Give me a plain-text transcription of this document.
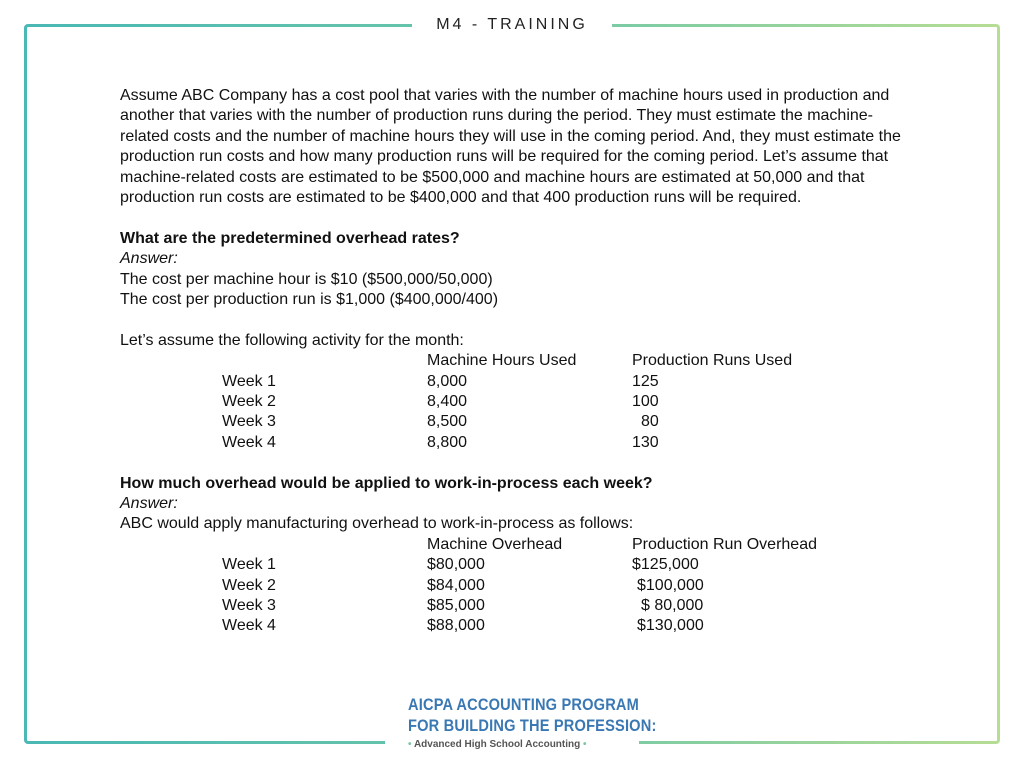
M4 - TRAINING

Assume ABC Company has a cost pool that varies with the number of machine hours used in production and another that varies with the number of production runs during the period. They must estimate the machine-related costs and the number of machine hours they will use in the coming period. And, they must estimate the production run costs and how many production runs will be required for the coming period. Let’s assume that machine-related costs are estimated to be $500,000 and machine hours are estimated at 50,000 and that production run costs are estimated to be $400,000 and that 400 production runs will be required.

What are the predetermined overhead rates?

Answer:

The cost per machine hour is $10 ($500,000/50,000)

The cost per production run is $1,000 ($400,000/400)

Let’s assume the following activity for the month:

Machine Hours Used	Production Runs Used
Week 1	8,000	125
Week 2	8,400	100
Week 3	8,500	80
Week 4	8,800	130

How much overhead would be applied to work-in-process each week?

Answer:

ABC would apply manufacturing overhead to work-in-process as follows:

Machine Overhead	Production Run Overhead
Week 1	$80,000	$125,000
Week 2	$84,000	$100,000
Week 3	$85,000	$ 80,000
Week 4	$88,000	$130,000
AICPA ACCOUNTING PROGRAM
FOR BUILDING THE PROFESSION:
• Advanced High School Accounting •
